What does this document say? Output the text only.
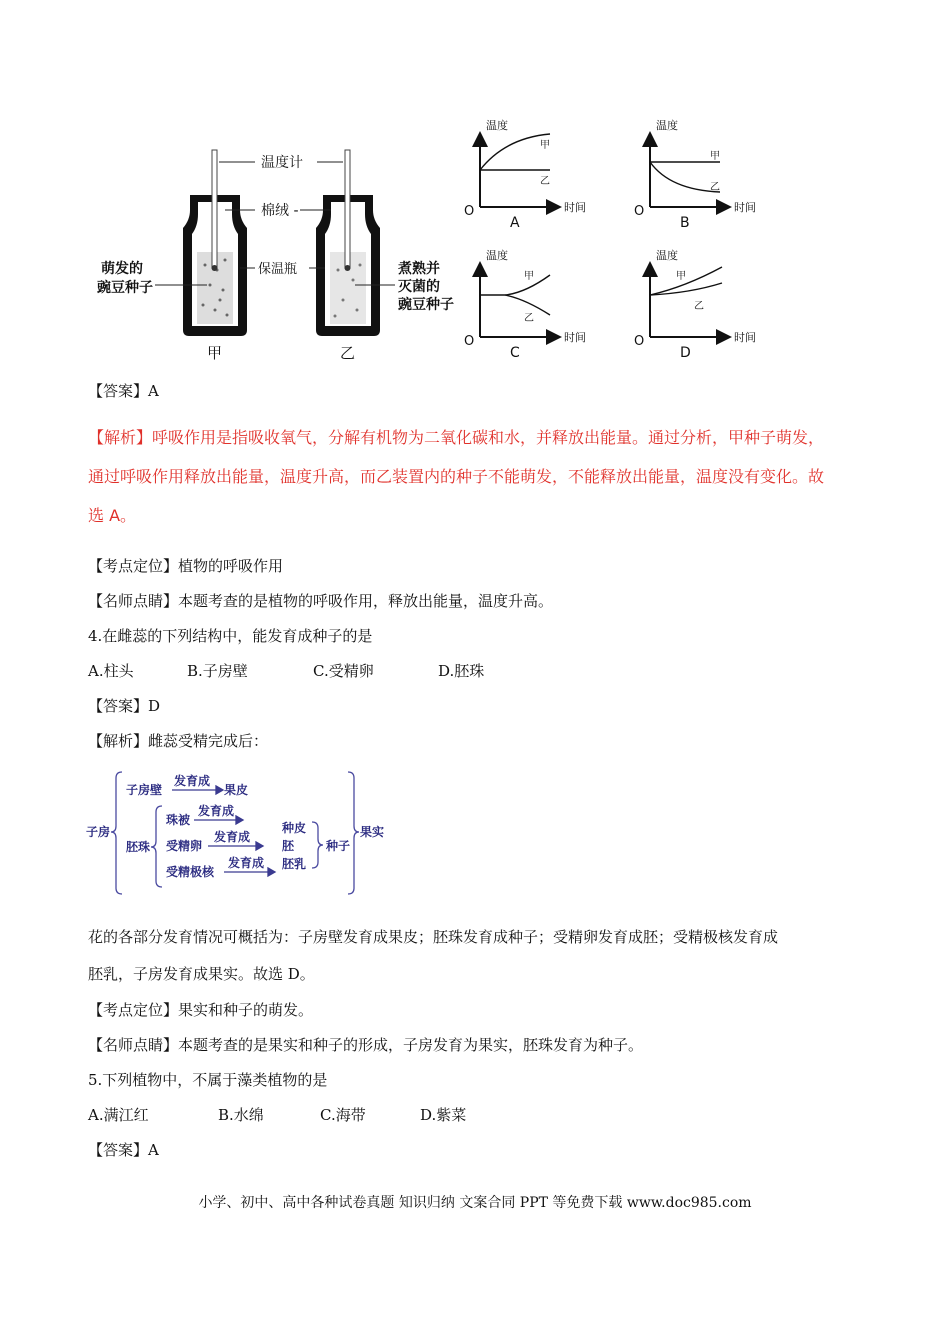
温度计
棉绒 -
保温瓶
萌发的
豌豆种子
煮熟并
灭菌的
豌豆种子
甲	乙
温度
时间
O
A
甲
乙
温度
时间
O
B
甲
乙
温度
时间
O
C
甲
乙
温度
时间
O
D
甲
乙
【答案】A
【解析】呼吸作用是指吸收氧气，分解有机物为二氧化碳和水，并释放出能量。通过分析，甲种子萌发，
通过呼吸作用释放出能量，温度升高，而乙装置内的种子不能萌发，不能释放出能量，温度没有变化。故
选 A。
【考点定位】植物的呼吸作用
【名师点睛】本题考查的是植物的呼吸作用，释放出能量，温度升高。
4.在雌蕊的下列结构中，能发育成种子的是
A.柱头	B.子房壁	C.受精卵	D.胚珠
【答案】D
【解析】雌蕊受精完成后：
子房
子房壁
发育成
果皮
胚珠
珠被
发育成
受精卵
发育成
受精极核
发育成
种皮
胚
胚乳
种子
果实
花的各部分发育情况可概括为：子房壁发育成果皮；胚珠发育成种子；受精卵发育成胚；受精极核发育成
胚乳，子房发育成果实。故选 D。
【考点定位】果实和种子的萌发。
【名师点睛】本题考查的是果实和种子的形成，子房发育为果实，胚珠发育为种子。
5.下列植物中，不属于藻类植物的是
A.满江红	B.水绵	C.海带	D.紫菜
【答案】A
小学、初中、高中各种试卷真题 知识归纳 文案合同 PPT 等免费下载 www.doc985.com
